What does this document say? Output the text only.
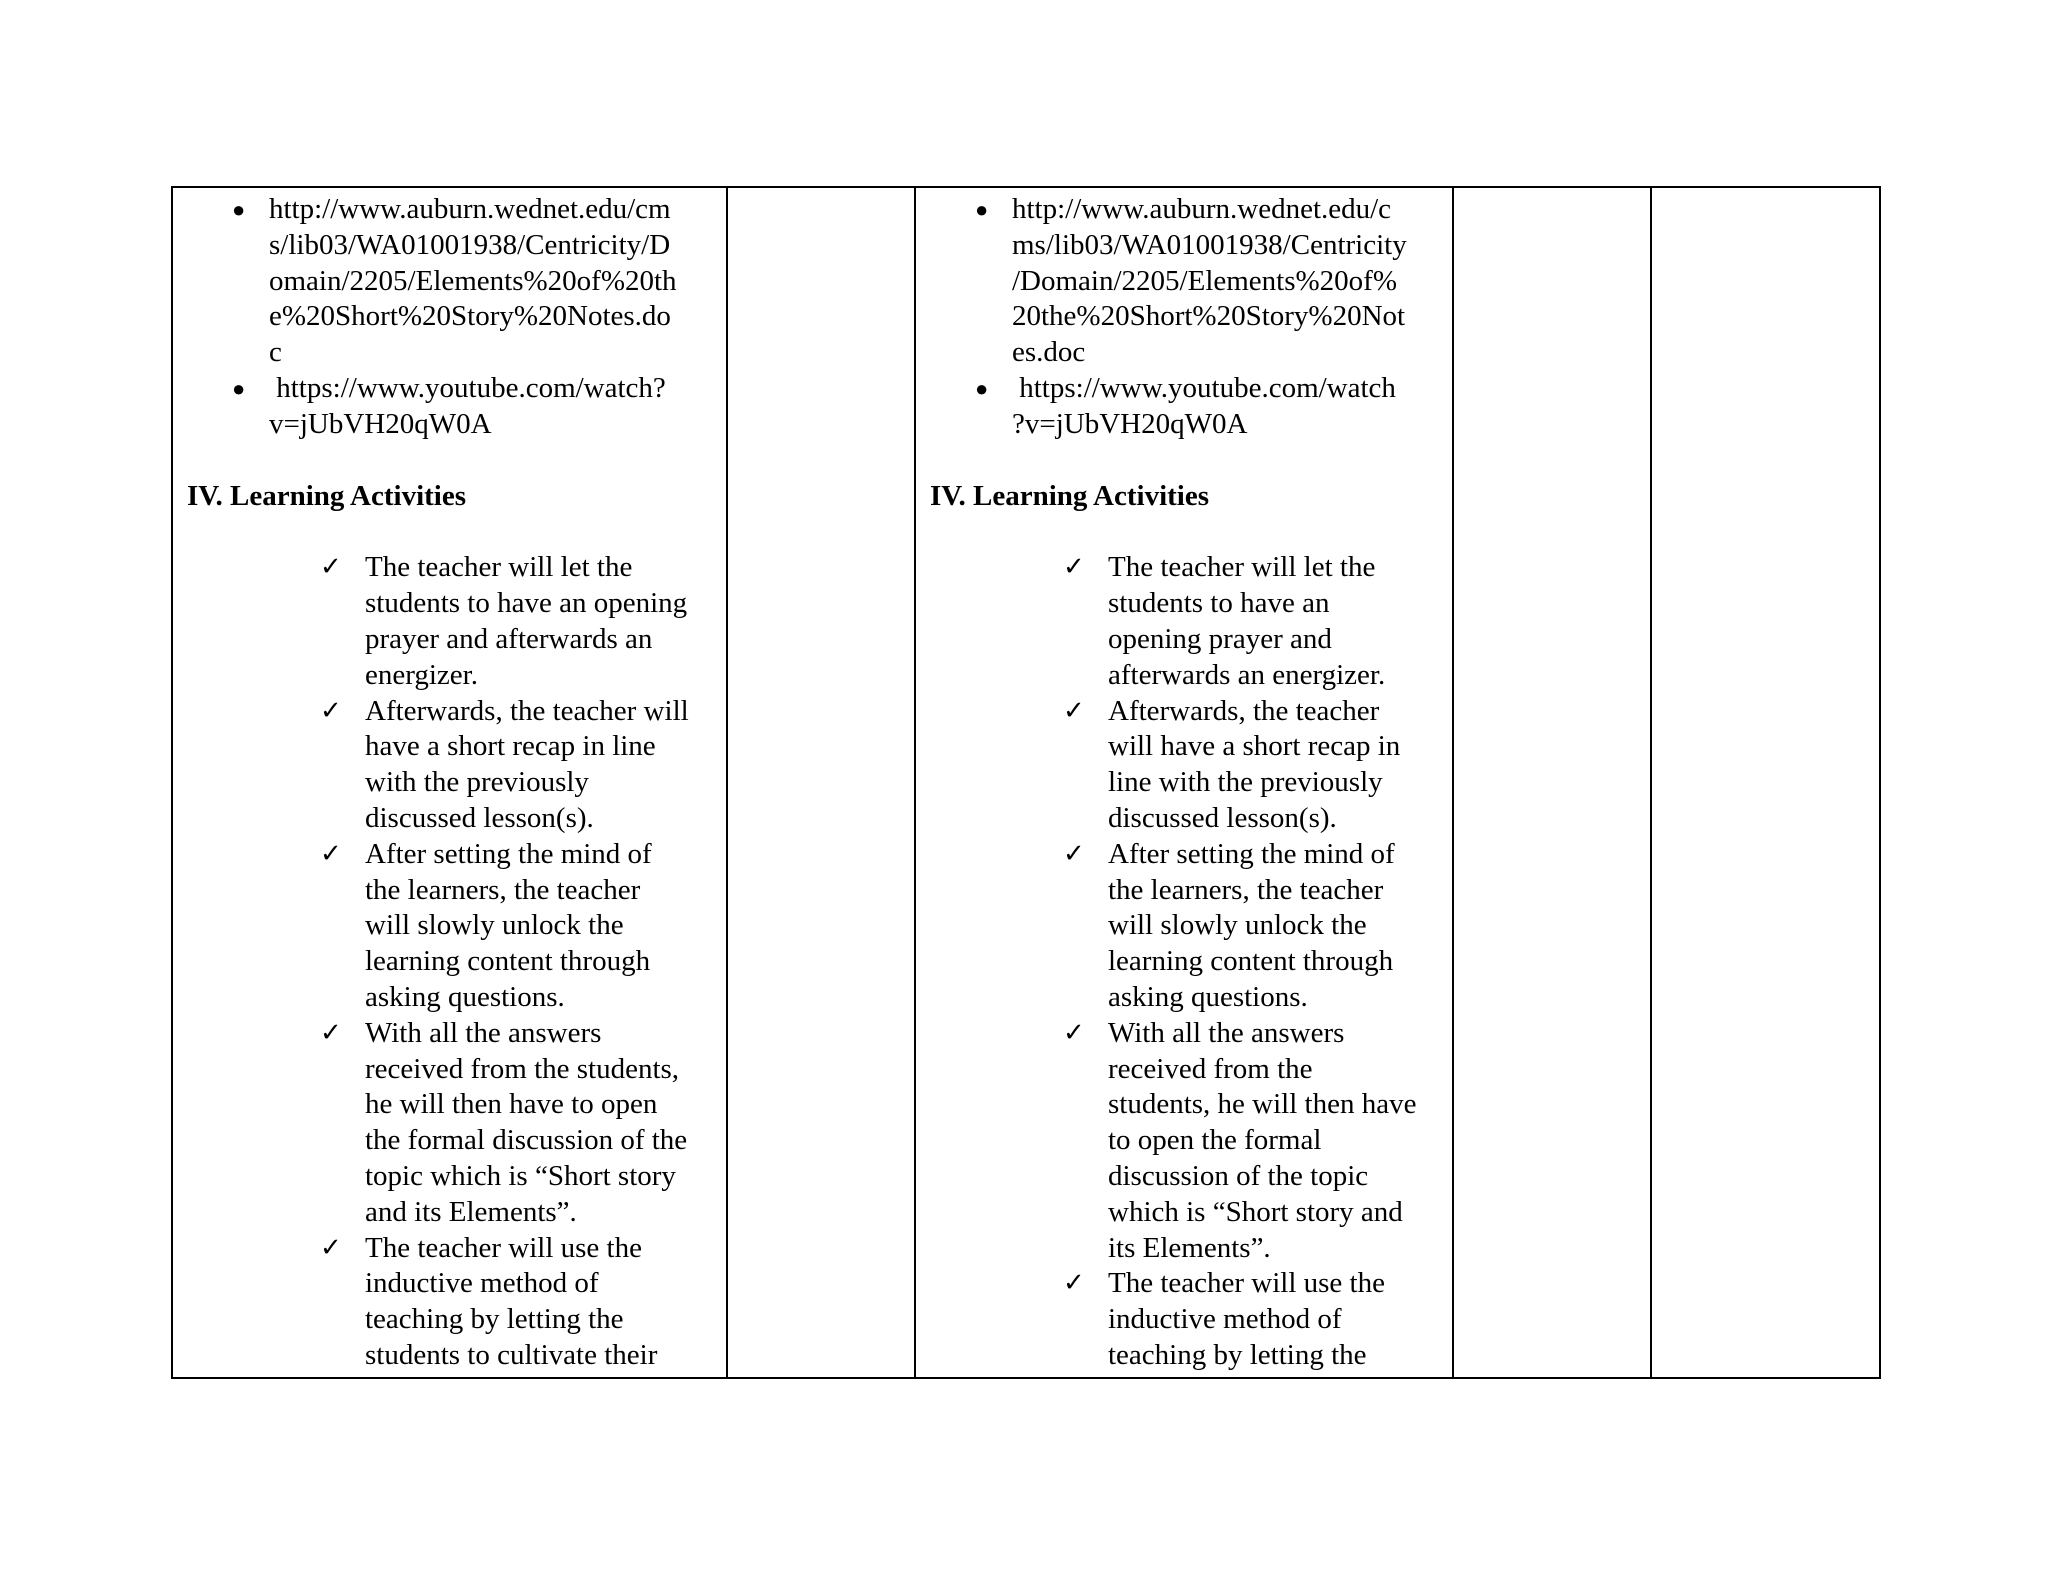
● http://www.auburn.wednet.edu/cm
s/lib03/WA01001938/Centricity/D
omain/2205/Elements%20of%20th
e%20Short%20Story%20Notes.do
c
● https://www.youtube.com/watch?
v=jUbVH20qW0A
IV. Learning Activities
✓ The teacher will let the
students to have an opening
prayer and afterwards an
energizer.
✓ Afterwards, the teacher will
have a short recap in line
with the previously
discussed lesson(s).
✓ After setting the mind of
the learners, the teacher
will slowly unlock the
learning content through
asking questions.
✓ With all the answers
received from the students,
he will then have to open
the formal discussion of the
topic which is “Short story
and its Elements”.
✓ The teacher will use the
inductive method of
teaching by letting the
students to cultivate their
● http://www.auburn.wednet.edu/c
ms/lib03/WA01001938/Centricity
/Domain/2205/Elements%20of%
20the%20Short%20Story%20Not
es.doc
● https://www.youtube.com/watch
?v=jUbVH20qW0A
IV. Learning Activities
✓ The teacher will let the
students to have an
opening prayer and
afterwards an energizer.
✓ Afterwards, the teacher
will have a short recap in
line with the previously
discussed lesson(s).
✓ After setting the mind of
the learners, the teacher
will slowly unlock the
learning content through
asking questions.
✓ With all the answers
received from the
students, he will then have
to open the formal
discussion of the topic
which is “Short story and
its Elements”.
✓ The teacher will use the
inductive method of
teaching by letting the
